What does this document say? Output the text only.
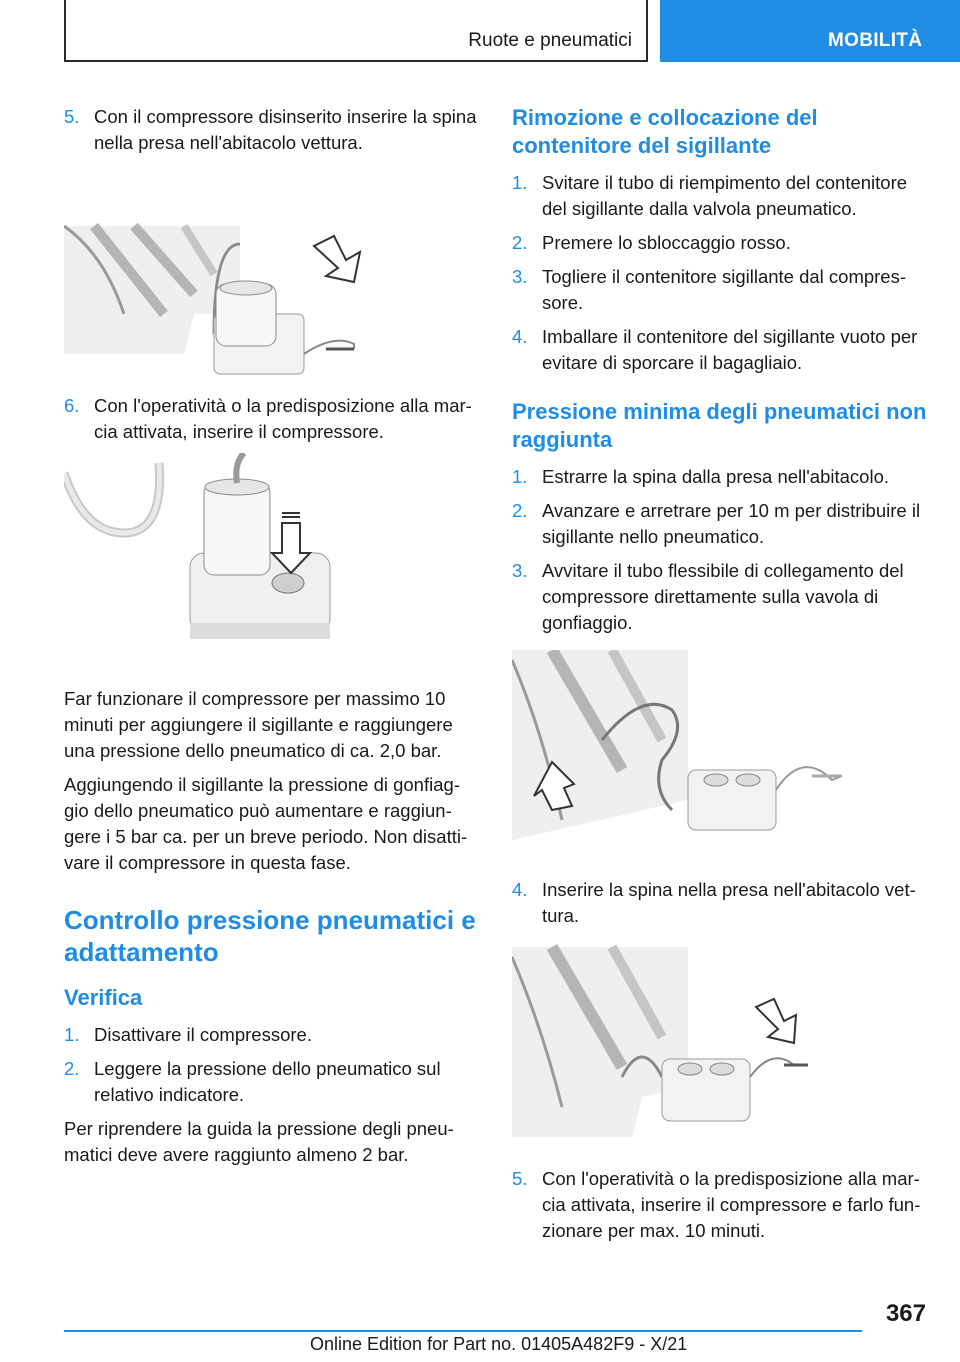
Ruote e pneumatici	MOBILITÀ
5. Con il compressore disinserito inserire la spina nella presa nell'abitacolo vettura.
6. Con l'operatività o la predisposizione alla marcia attivata, inserire il compressore.
Far funzionare il compressore per massimo 10 minuti per aggiungere il sigillante e raggiungere una pressione dello pneumatico di ca. 2,0 bar.
Aggiungendo il sigillante la pressione di gonfiaggio dello pneumatico può aumentare e raggiungere i 5 bar ca. per un breve periodo. Non disattivare il compressore in questa fase.
Controllo pressione pneumatici e adattamento
Verifica
1. Disattivare il compressore.
2. Leggere la pressione dello pneumatico sul relativo indicatore.
Per riprendere la guida la pressione degli pneumatici deve avere raggiunto almeno 2 bar.
Rimozione e collocazione del contenitore del sigillante
1. Svitare il tubo di riempimento del contenitore del sigillante dalla valvola pneumatico.
2. Premere lo sbloccaggio rosso.
3. Togliere il contenitore sigillante dal compressore.
4. Imballare il contenitore del sigillante vuoto per evitare di sporcare il bagagliaio.
Pressione minima degli pneumatici non raggiunta
1. Estrarre la spina dalla presa nell'abitacolo.
2. Avanzare e arretrare per 10 m per distribuire il sigillante nello pneumatico.
3. Avvitare il tubo flessibile di collegamento del compressore direttamente sulla vavola di gonfiaggio.
4. Inserire la spina nella presa nell'abitacolo vettura.
5. Con l'operatività o la predisposizione alla marcia attivata, inserire il compressore e farlo funzionare per max. 10 minuti.
367
Online Edition for Part no. 01405A482F9 - X/21
